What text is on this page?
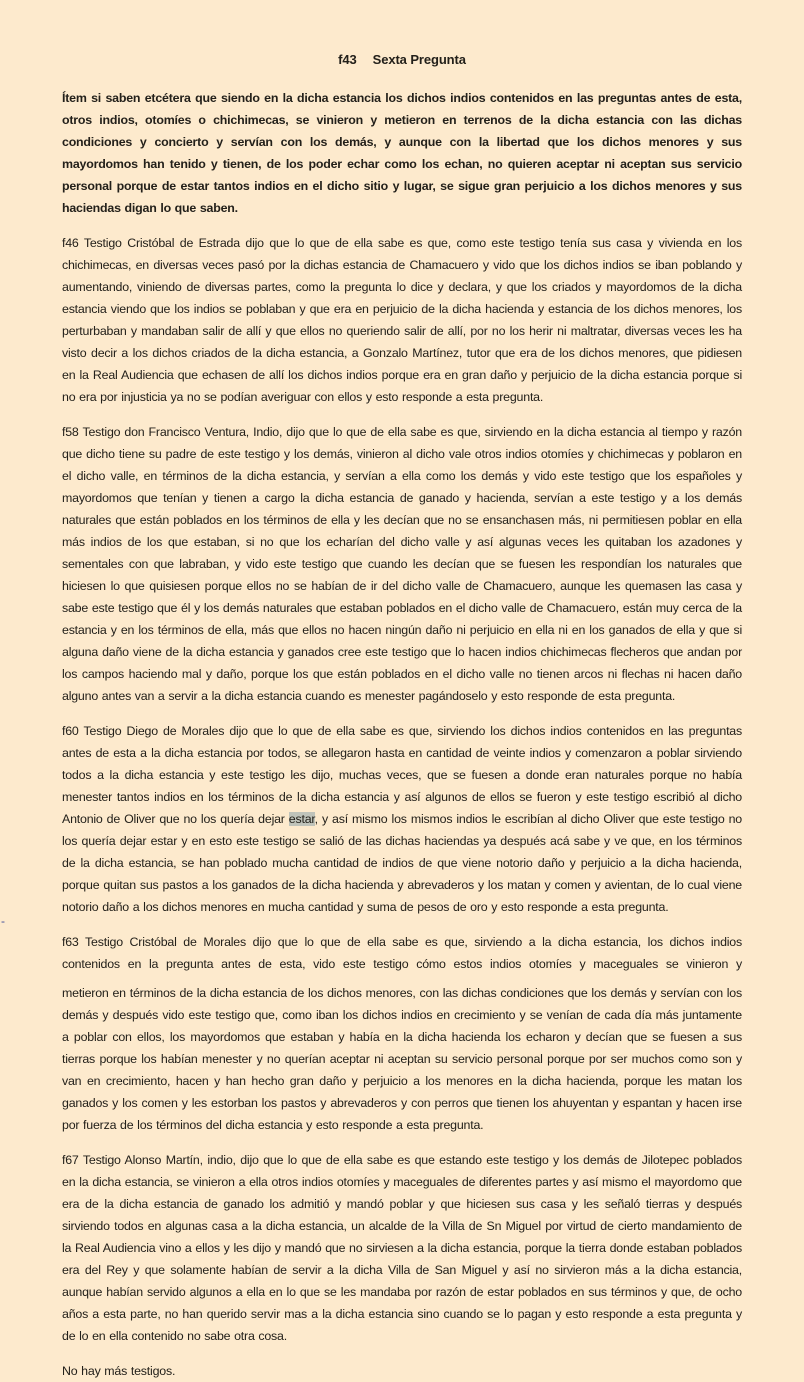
-
f43 Sexta Pregunta

Ítem si saben etcétera que siendo en la dicha estancia los dichos indios contenidos en las preguntas antes de esta, otros indios, otomíes o chichimecas, se vinieron y metieron en terrenos de la dicha estancia con las dichas condiciones y concierto y servían con los demás, y aunque con la libertad que los dichos menores y sus mayordomos han tenido y tienen, de los poder echar como los echan, no quieren aceptar ni aceptan sus servicio personal porque de estar tantos indios en el dicho sitio y lugar, se sigue gran perjuicio a los dichos menores y sus haciendas digan lo que saben.

f46 Testigo Cristóbal de Estrada dijo que lo que de ella sabe es que, como este testigo tenía sus casa y vivienda en los chichimecas, en diversas veces pasó por la dichas estancia de Chamacuero y vido que los dichos indios se iban poblando y aumentando, viniendo de diversas partes, como la pregunta lo dice y declara, y que los criados y mayordomos de la dicha estancia viendo que los indios se poblaban y que era en perjuicio de la dicha hacienda y estancia de los dichos menores, los perturbaban y mandaban salir de allí y que ellos no queriendo salir de allí, por no los herir ni maltratar, diversas veces les ha visto decir a los dichos criados de la dicha estancia, a Gonzalo Martínez, tutor que era de los dichos menores, que pidiesen en la Real Audiencia que echasen de allí los dichos indios porque era en gran daño y perjuicio de la dicha estancia porque si no era por injusticia ya no se podían averiguar con ellos y esto responde a esta pregunta.

f58 Testigo don Francisco Ventura, Indio, dijo que lo que de ella sabe es que, sirviendo en la dicha estancia al tiempo y razón que dicho tiene su padre de este testigo y los demás, vinieron al dicho vale otros indios otomíes y chichimecas y poblaron en el dicho valle, en términos de la dicha estancia, y servían a ella como los demás y vido este testigo que los españoles y mayordomos que tenían y tienen a cargo la dicha estancia de ganado y hacienda, servían a este testigo y a los demás naturales que están poblados en los términos de ella y les decían que no se ensanchasen más, ni permitiesen poblar en ella más indios de los que estaban, si no que los echarían del dicho valle y así algunas veces les quitaban los azadones y sementales con que labraban, y vido este testigo que cuando les decían que se fuesen les respondían los naturales que hiciesen lo que quisiesen porque ellos no se habían de ir del dicho valle de Chamacuero, aunque les quemasen las casa y sabe este testigo que él y los demás naturales que estaban poblados en el dicho valle de Chamacuero, están muy cerca de la estancia y en los términos de ella, más que ellos no hacen ningún daño ni perjuicio en ella ni en los ganados de ella y que si alguna daño viene de la dicha estancia y ganados cree este testigo que lo hacen indios chichimecas flecheros que andan por los campos haciendo mal y daño, porque los que están poblados en el dicho valle no tienen arcos ni flechas ni hacen daño alguno antes van a servir a la dicha estancia cuando es menester pagándoselo y esto responde de esta pregunta.

f60 Testigo Diego de Morales dijo que lo que de ella sabe es que, sirviendo los dichos indios contenidos en las preguntas antes de esta a la dicha estancia por todos, se allegaron hasta en cantidad de veinte indios y comenzaron a poblar sirviendo todos a la dicha estancia y este testigo les dijo, muchas veces, que se fuesen a donde eran naturales porque no había menester tantos indios en los términos de la dicha estancia y así algunos de ellos se fueron y este testigo escribió al dicho Antonio de Oliver que no los quería dejar estar, y así mismo los mismos indios le escribían al dicho Oliver que este testigo no los quería dejar estar y en esto este testigo se salió de las dichas haciendas ya después acá sabe y ve que, en los términos de la dicha estancia, se han poblado mucha cantidad de indios de que viene notorio daño y perjuicio a la dicha hacienda, porque quitan sus pastos a los ganados de la dicha hacienda y abrevaderos y los matan y comen y avientan, de lo cual viene notorio daño a los dichos menores en mucha cantidad y suma de pesos de oro y esto responde a esta pregunta.

f63 Testigo Cristóbal de Morales dijo que lo que de ella sabe es que, sirviendo a la dicha estancia, los dichos indios contenidos en la pregunta antes de esta, vido este testigo cómo estos indios otomíes y maceguales se vinieron y

metieron en términos de la dicha estancia de los dichos menores, con las dichas condiciones que los demás y servían con los demás y después vido este testigo que, como iban los dichos indios en crecimiento y se venían de cada día más juntamente a poblar con ellos, los mayordomos que estaban y había en la dicha hacienda los echaron y decían que se fuesen a sus tierras porque los habían menester y no querían aceptar ni aceptan su servicio personal porque por ser muchos como son y van en crecimiento, hacen y han hecho gran daño y perjuicio a los menores en la dicha hacienda, porque les matan los ganados y los comen y les estorban los pastos y abrevaderos y con perros que tienen los ahuyentan y espantan y hacen irse por fuerza de los términos del dicha estancia y esto responde a esta pregunta.

f67 Testigo Alonso Martín, indio, dijo que lo que de ella sabe es que estando este testigo y los demás de Jilotepec poblados en la dicha estancia, se vinieron a ella otros indios otomíes y maceguales de diferentes partes y así mismo el mayordomo que era de la dicha estancia de ganado los admitió y mandó poblar y que hiciesen sus casa y les señaló tierras y después sirviendo todos en algunas casa a la dicha estancia, un alcalde de la Villa de Sn Miguel por virtud de cierto mandamiento de la Real Audiencia vino a ellos y les dijo y mandó que no sirviesen a la dicha estancia, porque la tierra donde estaban poblados era del Rey y que solamente habían de servir a la dicha Villa de San Miguel y así no sirvieron más a la dicha estancia, aunque habían servido algunos a ella en lo que se les mandaba por razón de estar poblados en sus términos y que, de ocho años a esta parte, no han querido servir mas a la dicha estancia sino cuando se lo pagan y esto responde a esta pregunta y de lo en ella contenido no sabe otra cosa.

No hay más testigos.
